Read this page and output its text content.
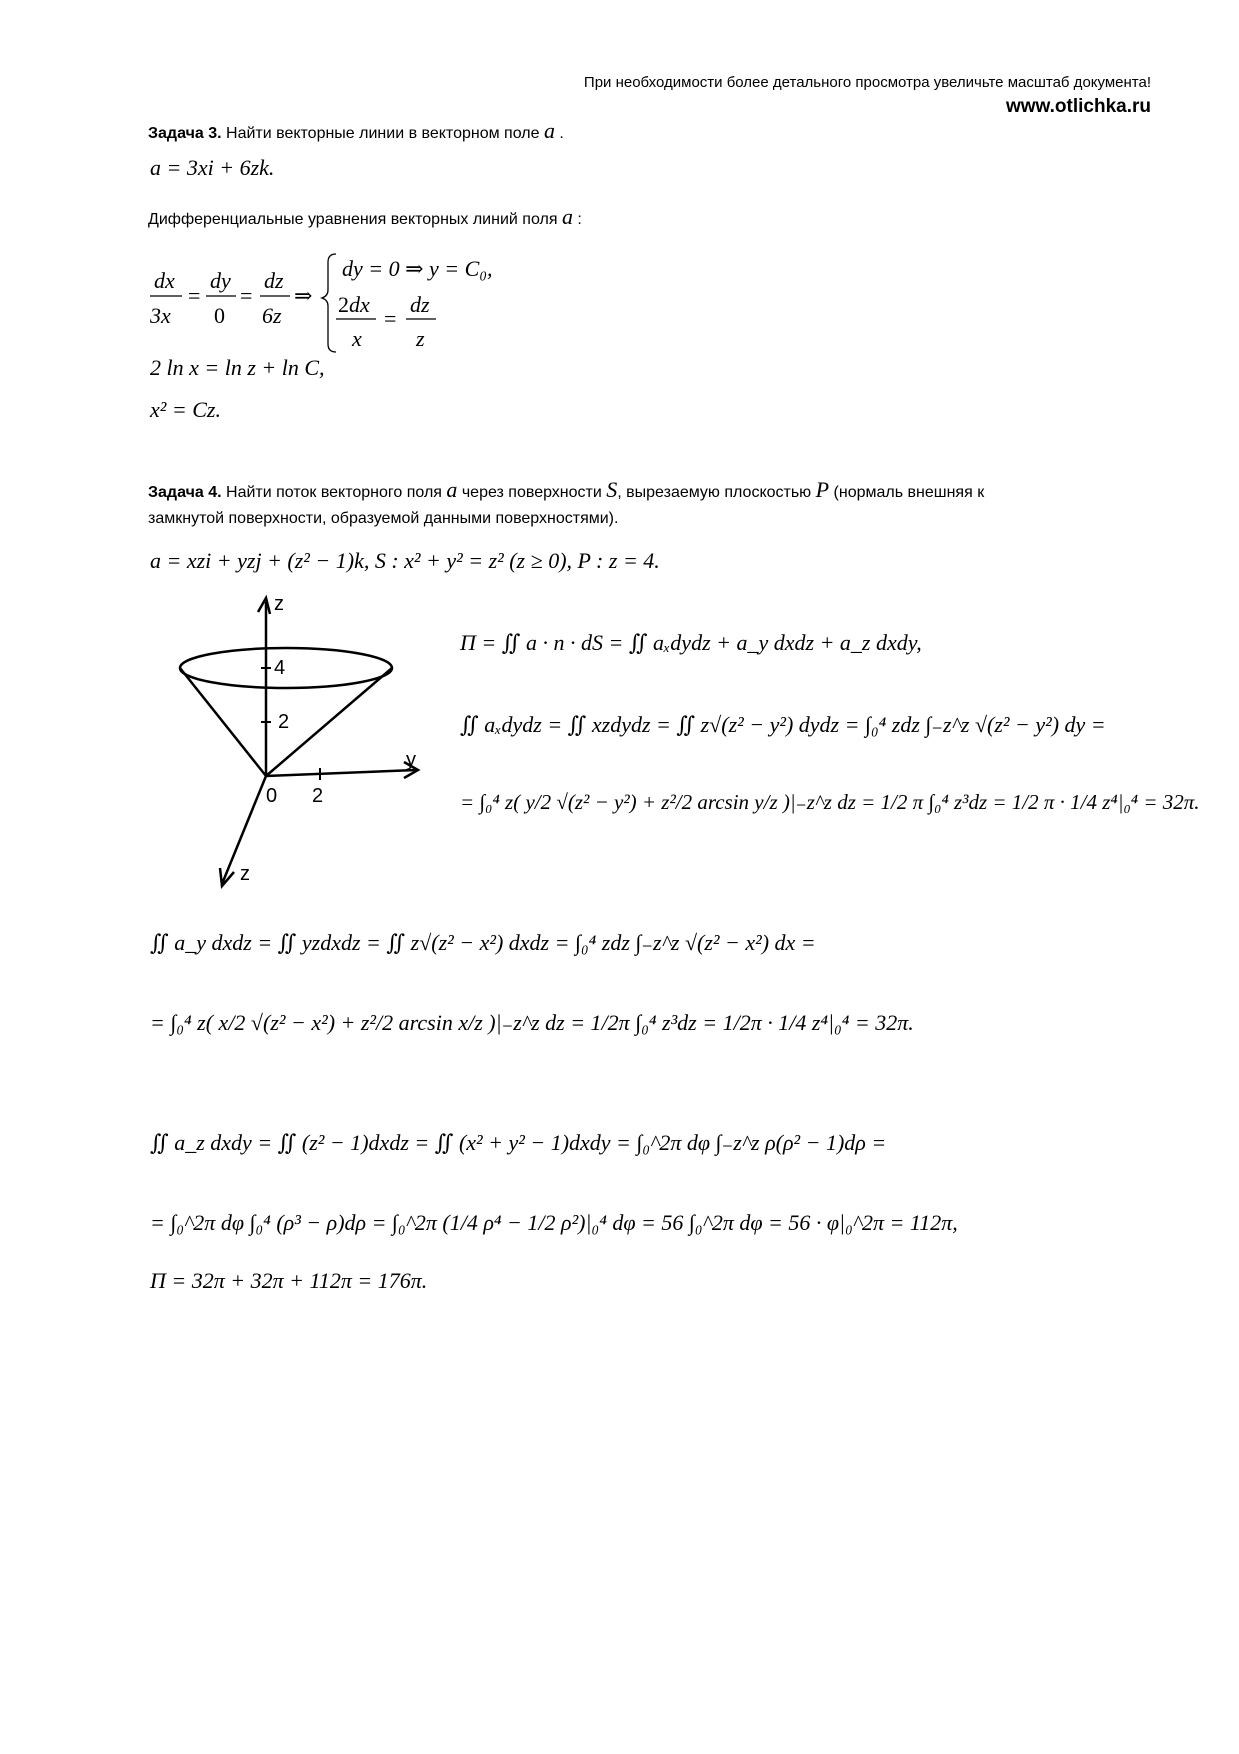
При необходимости более детального просмотра увеличьте масштаб документа!
www.otlichka.ru
Задача 3. Найти векторные линии в векторном поле a .
a = 3xi + 6zk.
Дифференциальные уравнения векторных линий поля a :
dx
3x
=
dy
0
=
dz
6z
⇒
dy = 0 ⇒ y = C₀,
2dx
x
=
dz
z
2 ln x = ln z + ln C,
x² = Cz.
Задача 4. Найти поток векторного поля a через поверхности S, вырезаемую плоскостью P (нормаль внешняя к
замкнутой поверхности, образуемой данными поверхностями).
a = xzi + yzj + (z² − 1)k, S : x² + y² = z² (z ≥ 0), P : z = 4.
z
y
z
4
2
0 2
Π = ∬ a · n · dS = ∬ aₓdydz + a_y dxdz + a_z dxdy,
∬ aₓdydz = ∬ xzdydz = ∬ z√(z² − y²) dydz = ∫₀⁴ zdz ∫₋z^z √(z² − y²) dy =
= ∫₀⁴ z( y/2 √(z² − y²) + z²/2 arcsin y/z )|₋z^z dz = 1/2 π ∫₀⁴ z³dz = 1/2 π · 1/4 z⁴|₀⁴ = 32π.
∬ a_y dxdz = ∬ yzdxdz = ∬ z√(z² − x²) dxdz = ∫₀⁴ zdz ∫₋z^z √(z² − x²) dx =
= ∫₀⁴ z( x/2 √(z² − x²) + z²/2 arcsin x/z )|₋z^z dz = 1/2π ∫₀⁴ z³dz = 1/2π · 1/4 z⁴|₀⁴ = 32π.
∬ a_z dxdy = ∬ (z² − 1)dxdz = ∬ (x² + y² − 1)dxdy = ∫₀^2π dφ ∫₋z^z ρ(ρ² − 1)dρ =
= ∫₀^2π dφ ∫₀⁴ (ρ³ − ρ)dρ = ∫₀^2π (1/4 ρ⁴ − 1/2 ρ²)|₀⁴ dφ = 56 ∫₀^2π dφ = 56 · φ|₀^2π = 112π,
Π = 32π + 32π + 112π = 176π.
